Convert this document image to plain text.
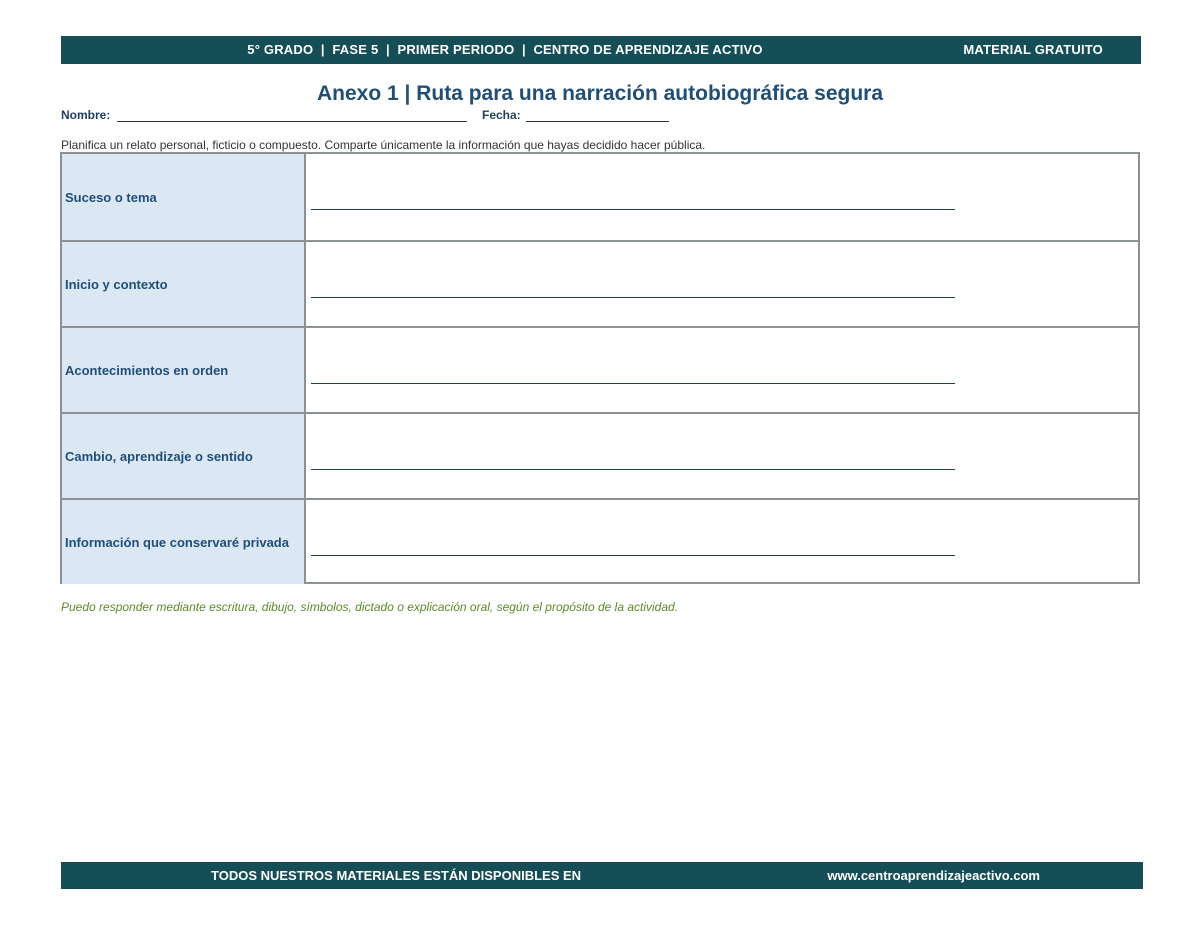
5° GRADO  |  FASE 5  |  PRIMER PERIODO  |  CENTRO DE APRENDIZAJE ACTIVO	MATERIAL GRATUITO
Anexo 1 | Ruta para una narración autobiográfica segura
Nombre:	Fecha:
Planifica un relato personal, ficticio o compuesto. Comparte únicamente la información que hayas decidido hacer pública.
Suceso o tema
Inicio y contexto
Acontecimientos en orden
Cambio, aprendizaje o sentido
Información que conservaré privada
Puedo responder mediante escritura, dibujo, símbolos, dictado o explicación oral, según el propósito de la actividad.
TODOS NUESTROS MATERIALES ESTÁN DISPONIBLES EN	www.centroaprendizajeactivo.com
